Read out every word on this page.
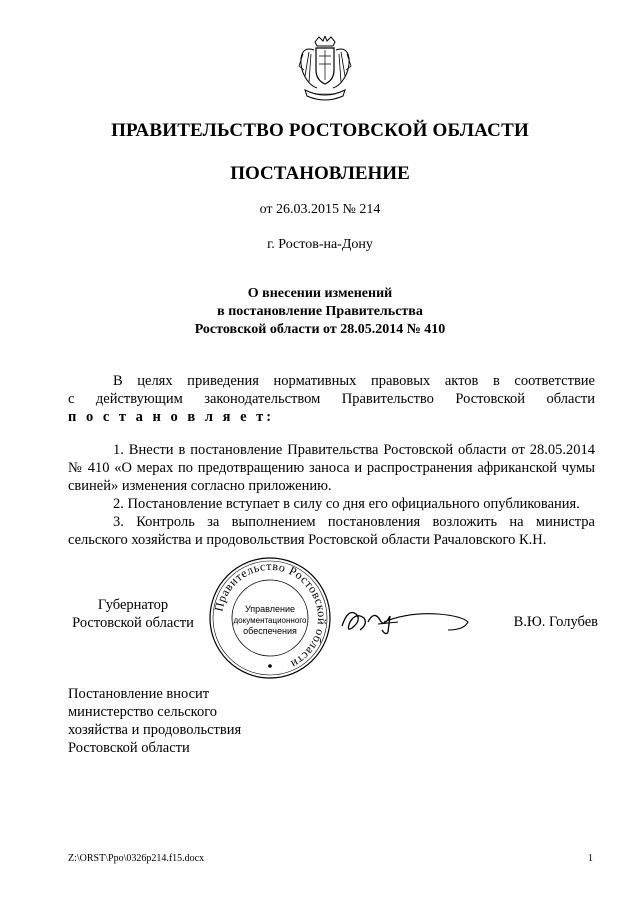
ПРАВИТЕЛЬСТВО РОСТОВСКОЙ ОБЛАСТИ
ПОСТАНОВЛЕНИЕ
от 26.03.2015 № 214
г. Ростов-на-Дону
О внесении изменений
в постановление Правительства
Ростовской области от 28.05.2014 № 410
В целях приведения нормативных правовых актов в соответствие
с действующим законодательством Правительство Ростовской области
п о с т а н о в л я е т:

1. Внести в постановление Правительства Ростовской области от 28.05.2014 № 410 «О мерах по предотвращению заноса и распространения африканской чумы свиней» изменения согласно приложению.

2. Постановление вступает в силу со дня его официального опубликования.

3. Контроль за выполнением постановления возложить на министра сельского хозяйства и продовольствия Ростовской области Рачаловского К.Н.

Губернатор
Ростовской области
Правительство Ростовской области
Управление
документационного
обеспечения
В.Ю. Голубев
Постановление вносит
министерство сельского
хозяйства и продовольствия
Ростовской области
Z:\ORST\Ppo\0326p214.f15.docx	1
